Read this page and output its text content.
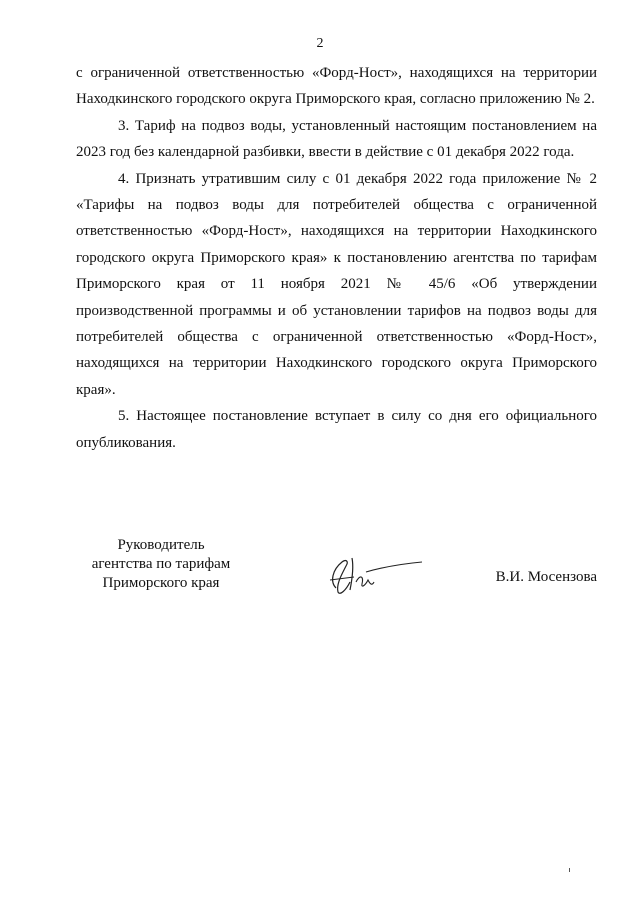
2

с ограниченной ответственностью «Форд-Ност», находящихся на территории Находкинского городского округа Приморского края, согласно приложению № 2.

3. Тариф на подвоз воды, установленный настоящим постановлением на 2023 год без календарной разбивки, ввести в действие с 01 декабря 2022 года.

4. Признать утратившим силу с 01 декабря 2022 года приложение № 2 «Тарифы на подвоз воды для потребителей общества с ограниченной ответственностью «Форд-Ност», находящихся на территории Находкинского городского округа Приморского края» к постановлению агентства по тарифам Приморского края от 11 ноября 2021 № 45/6 «Об утверждении производственной программы и об установлении тарифов на подвоз воды для потребителей общества с ограниченной ответственностью «Форд-Ност», находящихся на территории Находкинского городского округа Приморского края».

5. Настоящее постановление вступает в силу со дня его официального опубликования.

Руководитель
агентства по тарифам
Приморского края	В.И. Мосензова
